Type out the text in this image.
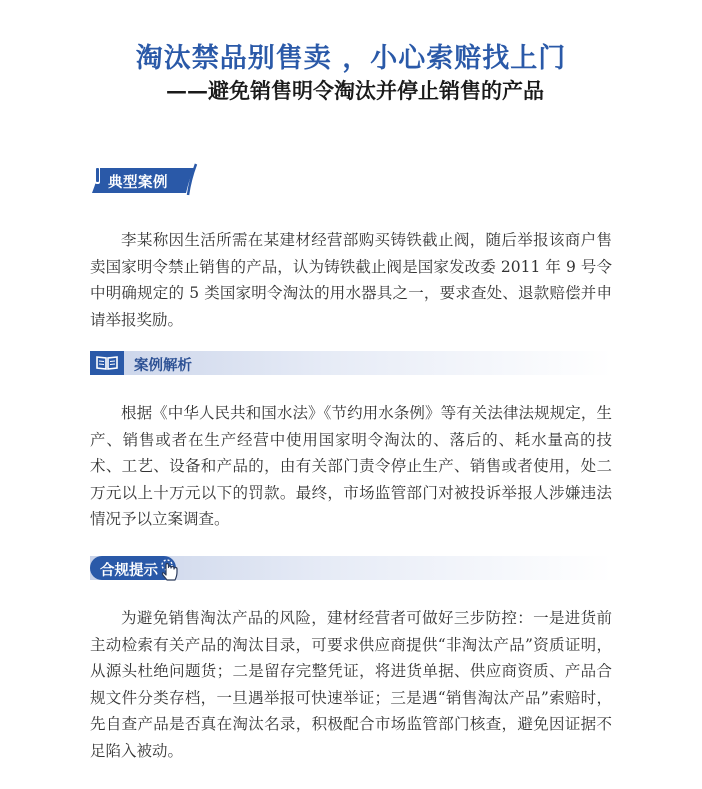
淘汰禁品别售卖 ，小心索赔找上门
——避免销售明令淘汰并停止销售的产品
典型案例

李某称因生活所需在某建材经营部购买铸铁截止阀，随后举报该商户售卖国家明令禁止销售的产品，认为铸铁截止阀是国家发改委 2011 年 9 号令中明确规定的 5 类国家明令淘汰的用水器具之一，要求查处、退款赔偿并申请举报奖励。

案例解析

根据《中华人民共和国水法》《节约用水条例》等有关法律法规规定，生产、销售或者在生产经营中使用国家明令淘汰的、落后的、耗水量高的技术、工艺、设备和产品的，由有关部门责令停止生产、销售或者使用，处二万元以上十万元以下的罚款。最终，市场监管部门对被投诉举报人涉嫌违法情况予以立案调查。

合规提示

为避免销售淘汰产品的风险，建材经营者可做好三步防控：一是进货前主动检索有关产品的淘汰目录，可要求供应商提供“非淘汰产品”资质证明，从源头杜绝问题货；二是留存完整凭证，将进货单据、供应商资质、产品合规文件分类存档，一旦遇举报可快速举证；三是遇“销售淘汰产品”索赔时，先自查产品是否真在淘汰名录，积极配合市场监管部门核查，避免因证据不足陷入被动。
